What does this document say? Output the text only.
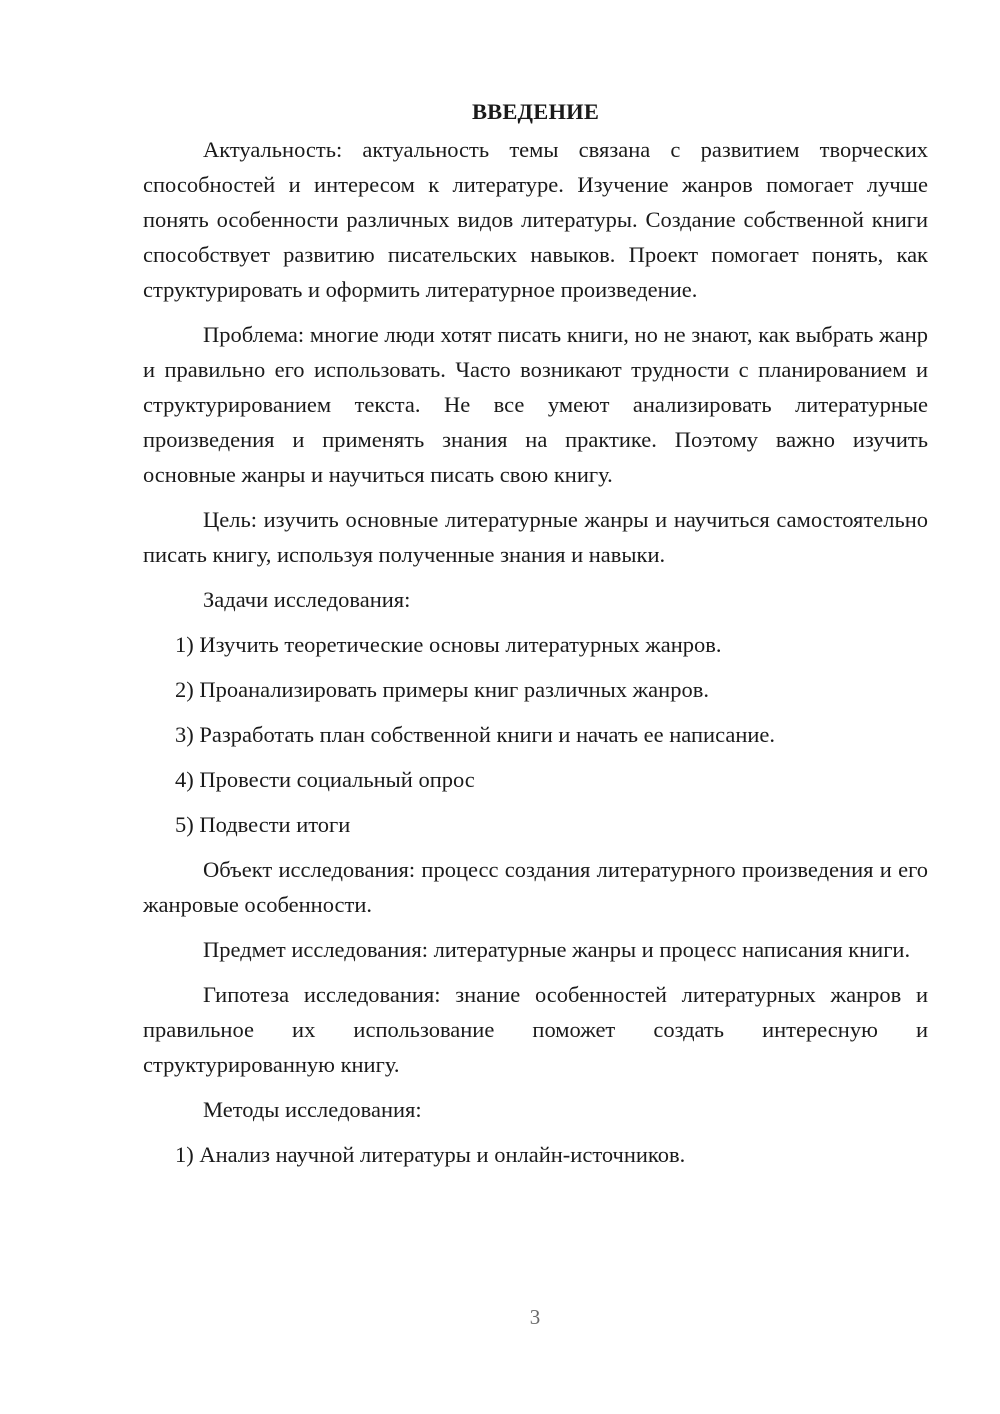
ВВЕДЕНИЕ

Актуальность: актуальность темы связана с развитием творческих способностей и интересом к литературе. Изучение жанров помогает лучше понять особенности различных видов литературы. Создание собственной книги способствует развитию писательских навыков. Проект помогает понять, как структурировать и оформить литературное произведение.

Проблема: многие люди хотят писать книги, но не знают, как выбрать жанр и правильно его использовать. Часто возникают трудности с планированием и структурированием текста. Не все умеют анализировать литературные произведения и применять знания на практике. Поэтому важно изучить основные жанры и научиться писать свою книгу.

Цель: изучить основные литературные жанры и научиться самостоятельно писать книгу, используя полученные знания и навыки.

Задачи исследования:

1) Изучить теоретические основы литературных жанров.
2) Проанализировать примеры книг различных жанров.
3) Разработать план собственной книги и начать ее написание.
4) Провести социальный опрос
5) Подвести итоги

Объект исследования: процесс создания литературного произведения и его жанровые особенности.

Предмет исследования: литературные жанры и процесс написания книги.

Гипотеза исследования: знание особенностей литературных жанров и правильное их использование поможет создать интересную и структурированную книгу.

Методы исследования:

1) Анализ научной литературы и онлайн-источников.
3
